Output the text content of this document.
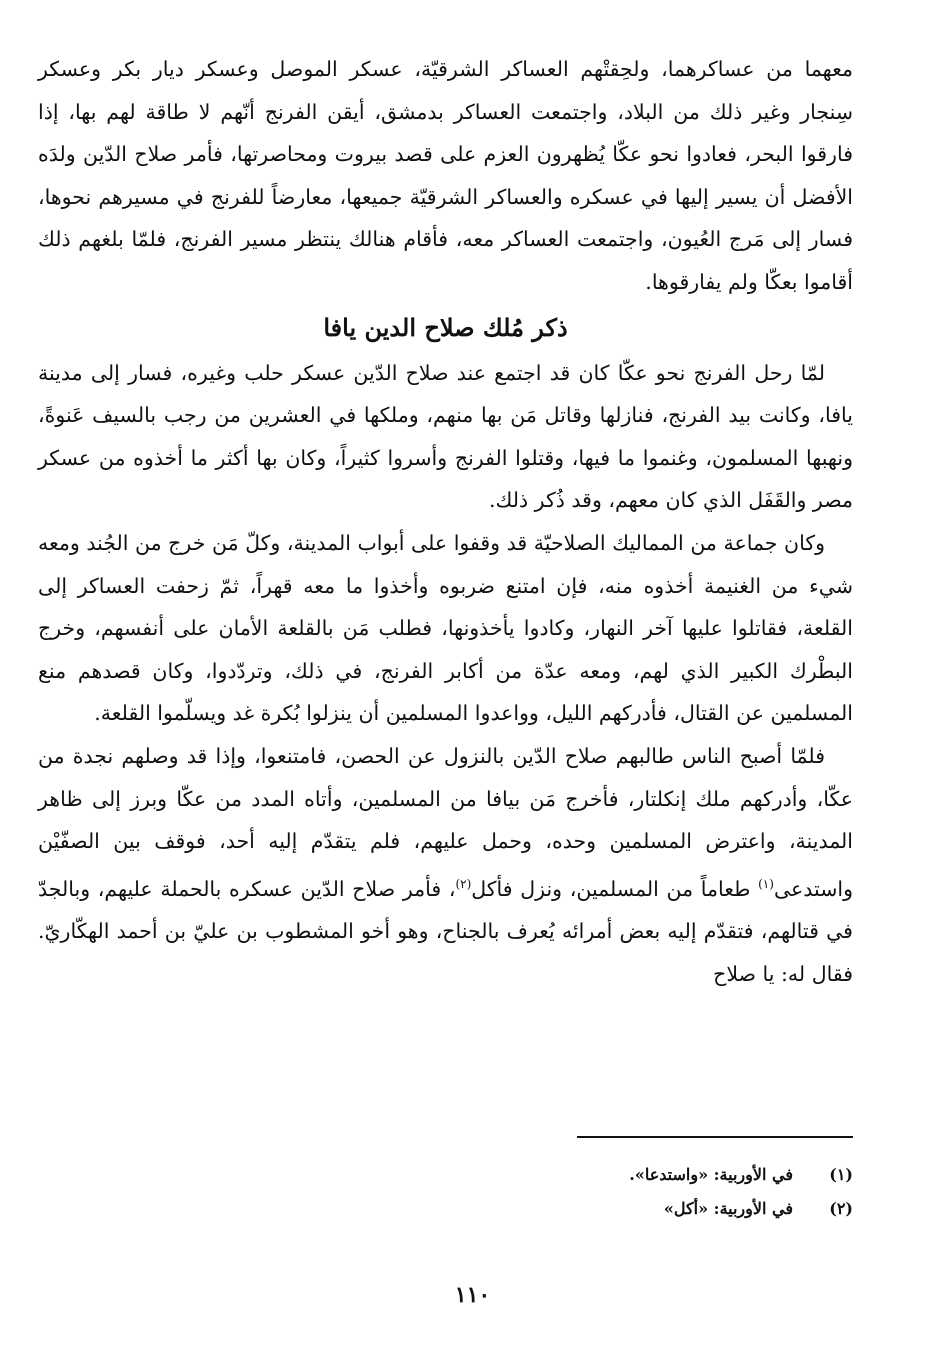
معهما من عساكرهما، ولحِقتْهم العساكر الشرقيّة، عسكر الموصل وعسكر ديار بكر وعسكر سِنجار وغير ذلك من البلاد، واجتمعت العساكر بدمشق، أيقن الفرنج أنّهم لا طاقة لهم بها، إذا فارقوا البحر، فعادوا نحو عكّا يُظهرون العزم على قصد بيروت ومحاصرتها، فأمر صلاح الدّين ولدَه الأفضل أن يسير إليها في عسكره والعساكر الشرقيّة جميعها، معارضاً للفرنج في مسيرهم نحوها، فسار إلى مَرج العُيون، واجتمعت العساكر معه، فأقام هنالك ينتظر مسير الفرنج، فلمّا بلغهم ذلك أقاموا بعكّا ولم يفارقوها.

ذكر مُلك صلاح الدين يافا

لمّا رحل الفرنج نحو عكّا كان قد اجتمع عند صلاح الدّين عسكر حلب وغيره، فسار إلى مدينة يافا، وكانت بيد الفرنج، فنازلها وقاتل مَن بها منهم، وملكها في العشرين من رجب بالسيف عَنوةً، ونهبها المسلمون، وغنموا ما فيها، وقتلوا الفرنج وأسروا كثيراً، وكان بها أكثر ما أخذوه من عسكر مصر والقَفَل الذي كان معهم، وقد ذُكر ذلك.

وكان جماعة من المماليك الصلاحيّة قد وقفوا على أبواب المدينة، وكلّ مَن خرج من الجُند ومعه شيء من الغنيمة أخذوه منه، فإن امتنع ضربوه وأخذوا ما معه قهراً، ثمّ زحفت العساكر إلى القلعة، فقاتلوا عليها آخر النهار، وكادوا يأخذونها، فطلب مَن بالقلعة الأمان على أنفسهم، وخرج البطْرك الكبير الذي لهم، ومعه عدّة من أكابر الفرنج، في ذلك، وتردّدوا، وكان قصدهم منع المسلمين عن القتال، فأدركهم الليل، وواعدوا المسلمين أن ينزلوا بُكرة غد ويسلّموا القلعة.

فلمّا أصبح الناس طالبهم صلاح الدّين بالنزول عن الحصن، فامتنعوا، وإذا قد وصلهم نجدة من عكّا، وأدركهم ملك إنكلتار، فأخرج مَن بيافا من المسلمين، وأتاه المدد من عكّا وبرز إلى ظاهر المدينة، واعترض المسلمين وحده، وحمل عليهم، فلم يتقدّم إليه أحد، فوقف بين الصفّيْن واستدعى$^{(١)}$ طعاماً من المسلمين، ونزل فأكل$^{(٢)}$، فأمر صلاح الدّين عسكره بالحملة عليهم، وبالجدّ في قتالهم، فتقدّم إليه بعض أمرائه يُعرف بالجناح، وهو أخو المشطوب بن عليّ بن أحمد الهكّاريّ. فقال له: يا صلاح

(١)
في الأوربية: «واستدعا».
(٢)
في الأوربية: «أكل»
١١٠
